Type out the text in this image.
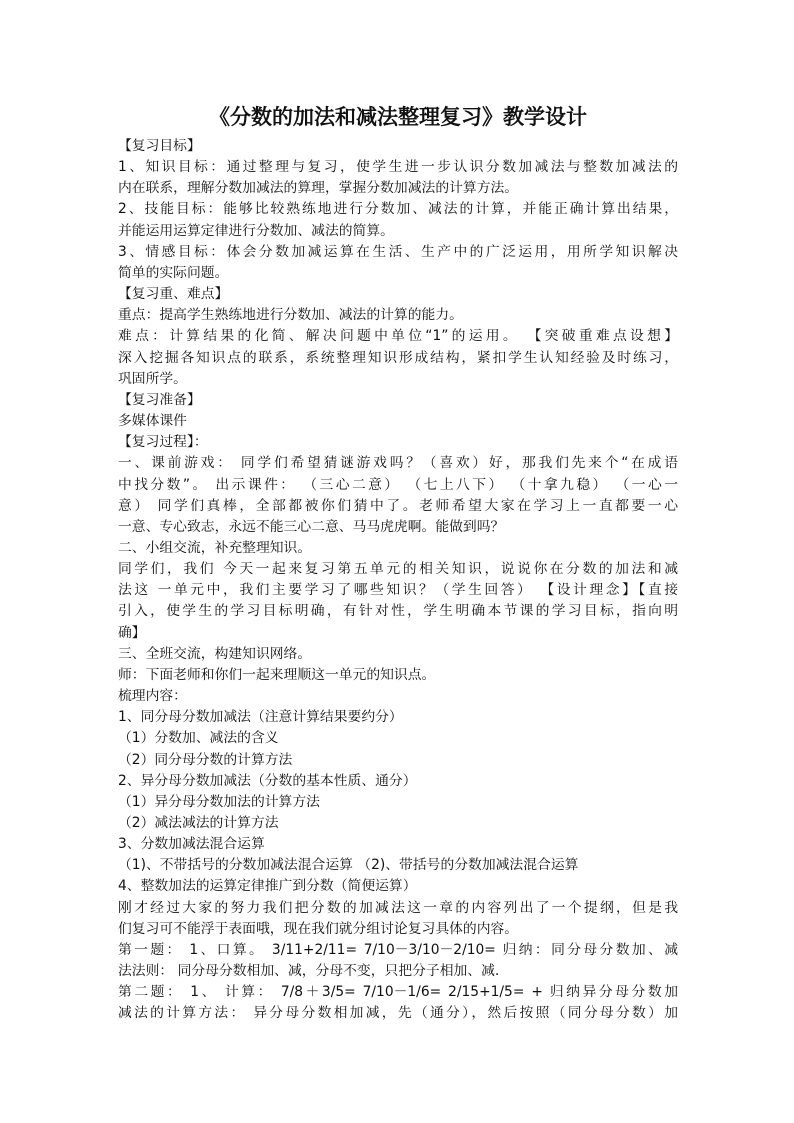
《分数的加法和减法整理复习》教学设计
【复习目标】
1、知识目标：通过整理与复习，使学生进一步认识分数加减法与整数加减法的
内在联系，理解分数加减法的算理，掌握分数加减法的计算方法。
2、技能目标：能够比较熟练地进行分数加、减法的计算，并能正确计算出结果，
并能运用运算定律进行分数加、减法的简算。
3、情感目标：体会分数加减运算在生活、生产中的广泛运用，用所学知识解决
简单的实际问题。
【复习重、难点】
重点：提高学生熟练地进行分数加、减法的计算的能力。
难点：计算结果的化简、解决问题中单位“1”的运用。 【突破重难点设想】
深入挖掘各知识点的联系，系统整理知识形成结构，紧扣学生认知经验及时练习，
巩固所学。
【复习准备】
多媒体课件
【复习过程】：
一、课前游戏： 同学们希望猜谜游戏吗？（喜欢）好，那我们先来个“在成语
中找分数”。 出示课件： （三心二意） （七上八下） （十拿九稳） （一心一
意） 同学们真棒，全部都被你们猜中了。老师希望大家在学习上一直都要一心
一意、专心致志，永远不能三心二意、马马虎虎啊。能做到吗？
二、小组交流，补充整理知识。
同学们，我们 今天一起来复习第五单元的相关知识，说说你在分数的加法和减
法这 一单元中，我们主要学习了哪些知识？（学生回答） 【设计理念】【直接
引入，使学生的学习目标明确，有针对性，学生明确本节课的学习目标，指向明
确】
三、全班交流，构建知识网络。
师：下面老师和你们一起来理顺这一单元的知识点。
梳理内容：
1、同分母分数加减法（注意计算结果要约分）
（1）分数加、减法的含义
（2）同分母分数的计算方法
2、异分母分数加减法（分数的基本性质、通分）
（1）异分母分数加法的计算方法
（2）减法减法的计算方法
3、分数加减法混合运算
（1)、不带括号的分数加减法混合运算 （2)、带括号的分数加减法混合运算
4、整数加法的运算定律推广到分数（简便运算）
刚才经过大家的努力我们把分数的加减法这一章的内容列出了一个提纲，但是我
们复习可不能浮于表面哦，现在我们就分组讨论复习具体的内容。
第一题： 1、口算。 3/11+2/11= 7/10－3/10－2/10= 归纳：同分母分数加、减
法法则： 同分母分数相加、减，分母不变，只把分子相加、减.
第二题： 1、 计算： 7/8＋3/5= 7/10－1/6= 2/15+1/5= + 归纳异分母分数加
减法的计算方法： 异分母分数相加减，先（通分），然后按照（同分母分数）加
